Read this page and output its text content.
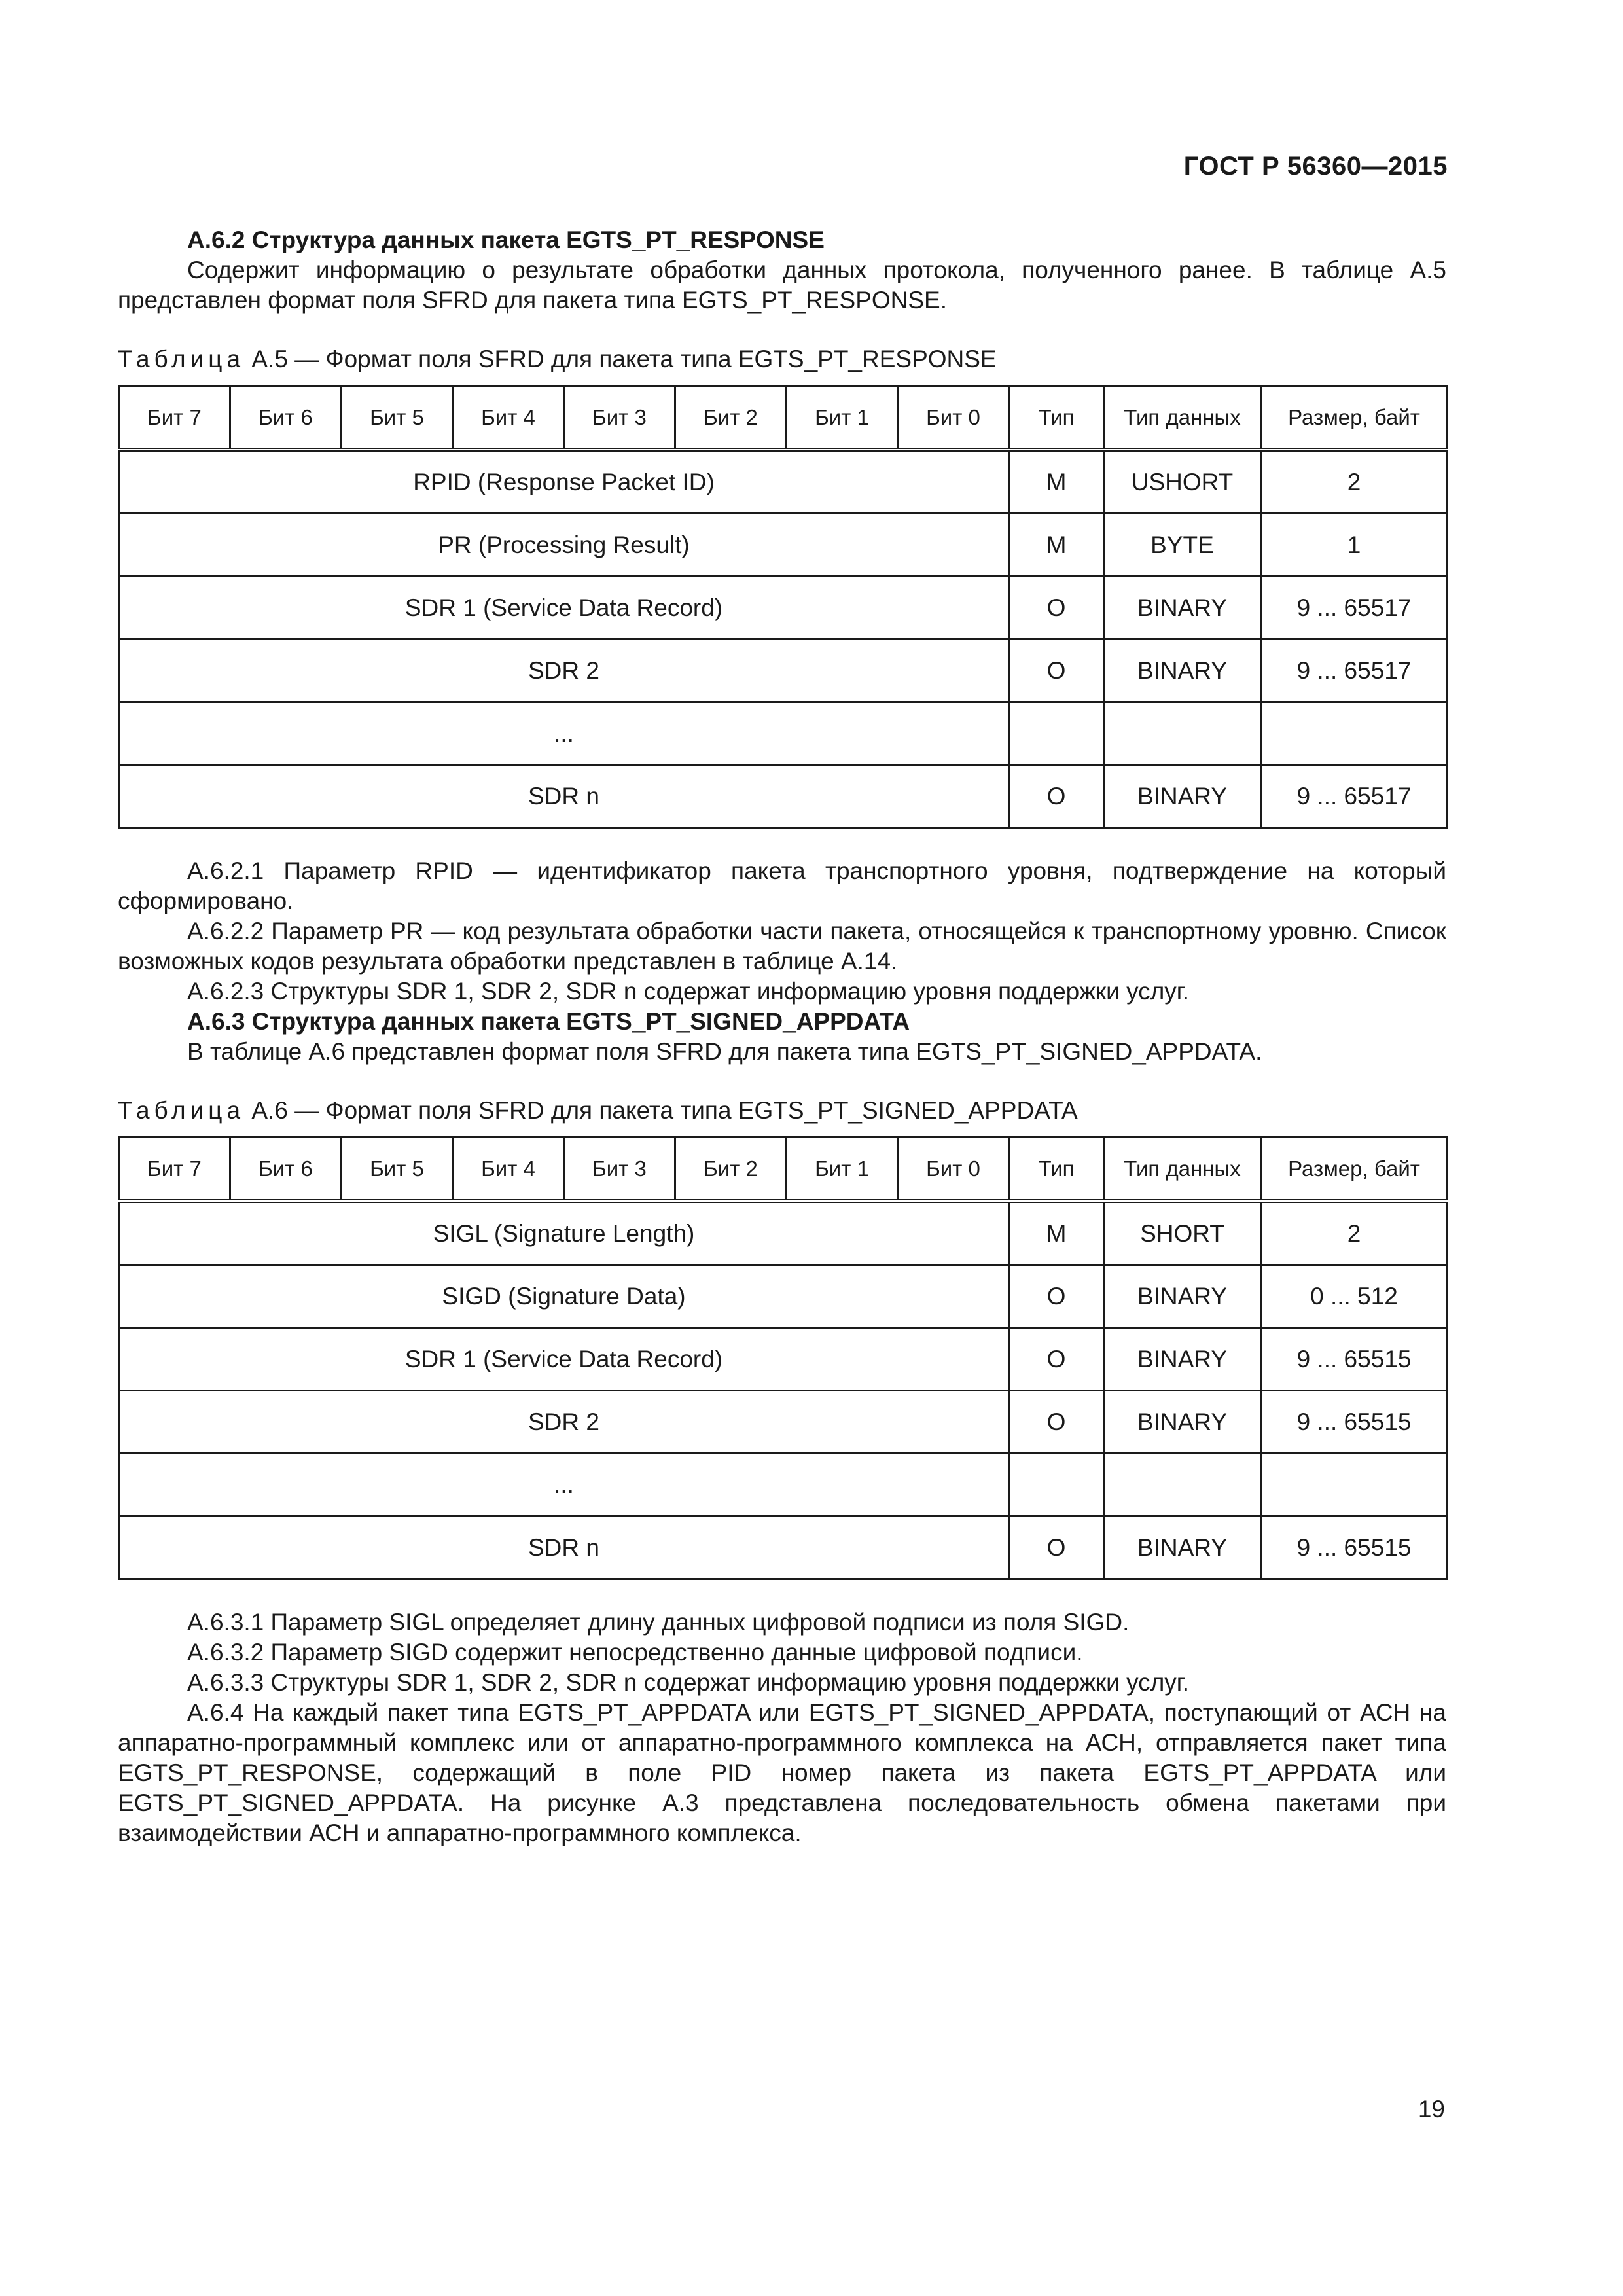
ГОСТ Р 56360—2015

А.6.2 Структура данных пакета EGTS_PT_RESPONSE

Содержит информацию о результате обработки данных протокола, полученного ранее. В таблице А.5 представлен формат поля SFRD для пакета типа EGTS_PT_RESPONSE.

Таблица А.5 — Формат поля SFRD для пакета типа EGTS_PT_RESPONSE

Бит 7	Бит 6	Бит 5	Бит 4	Бит 3	Бит 2	Бит 1	Бит 0	Тип	Тип данных	Размер, байт
RPID (Response Packet ID)								M	USHORT	2
PR (Processing Result)								M	BYTE	1
SDR 1 (Service Data Record)								O	BINARY	9 ... 65517
SDR 2								O	BINARY	9 ... 65517
...										
SDR n								O	BINARY	9 ... 65517

А.6.2.1 Параметр RPID — идентификатор пакета транспортного уровня, подтверждение на который сформировано.

А.6.2.2 Параметр PR — код результата обработки части пакета, относящейся к транспортному уровню. Список возможных кодов результата обработки представлен в таблице А.14.

А.6.2.3 Структуры SDR 1, SDR 2, SDR n содержат информацию уровня поддержки услуг.

А.6.3 Структура данных пакета EGTS_PT_SIGNED_APPDATA

В таблице А.6 представлен формат поля SFRD для пакета типа EGTS_PT_SIGNED_APPDATA.

Таблица А.6 — Формат поля SFRD для пакета типа EGTS_PT_SIGNED_APPDATA

Бит 7	Бит 6	Бит 5	Бит 4	Бит 3	Бит 2	Бит 1	Бит 0	Тип	Тип данных	Размер, байт
SIGL (Signature Length)								M	SHORT	2
SIGD (Signature Data)								O	BINARY	0 ... 512
SDR 1 (Service Data Record)								O	BINARY	9 ... 65515
SDR 2								O	BINARY	9 ... 65515
...										
SDR n								O	BINARY	9 ... 65515

А.6.3.1 Параметр SIGL определяет длину данных цифровой подписи из поля SIGD.

А.6.3.2 Параметр SIGD содержит непосредственно данные цифровой подписи.

А.6.3.3 Структуры SDR 1, SDR 2, SDR n содержат информацию уровня поддержки услуг.

А.6.4 На каждый пакет типа EGTS_PT_APPDATA или EGTS_PT_SIGNED_APPDATA, поступающий от АСН на аппаратно-программный комплекс или от аппаратно-программного комплекса на АСН, отправляется пакет типа EGTS_PT_RESPONSE, содержащий в поле PID номер пакета из пакета EGTS_PT_APPDATA или EGTS_PT_SIGNED_APPDATA. На рисунке А.3 представлена последовательность обмена пакетами при взаимодействии АСН и аппаратно-программного комплекса.

19
